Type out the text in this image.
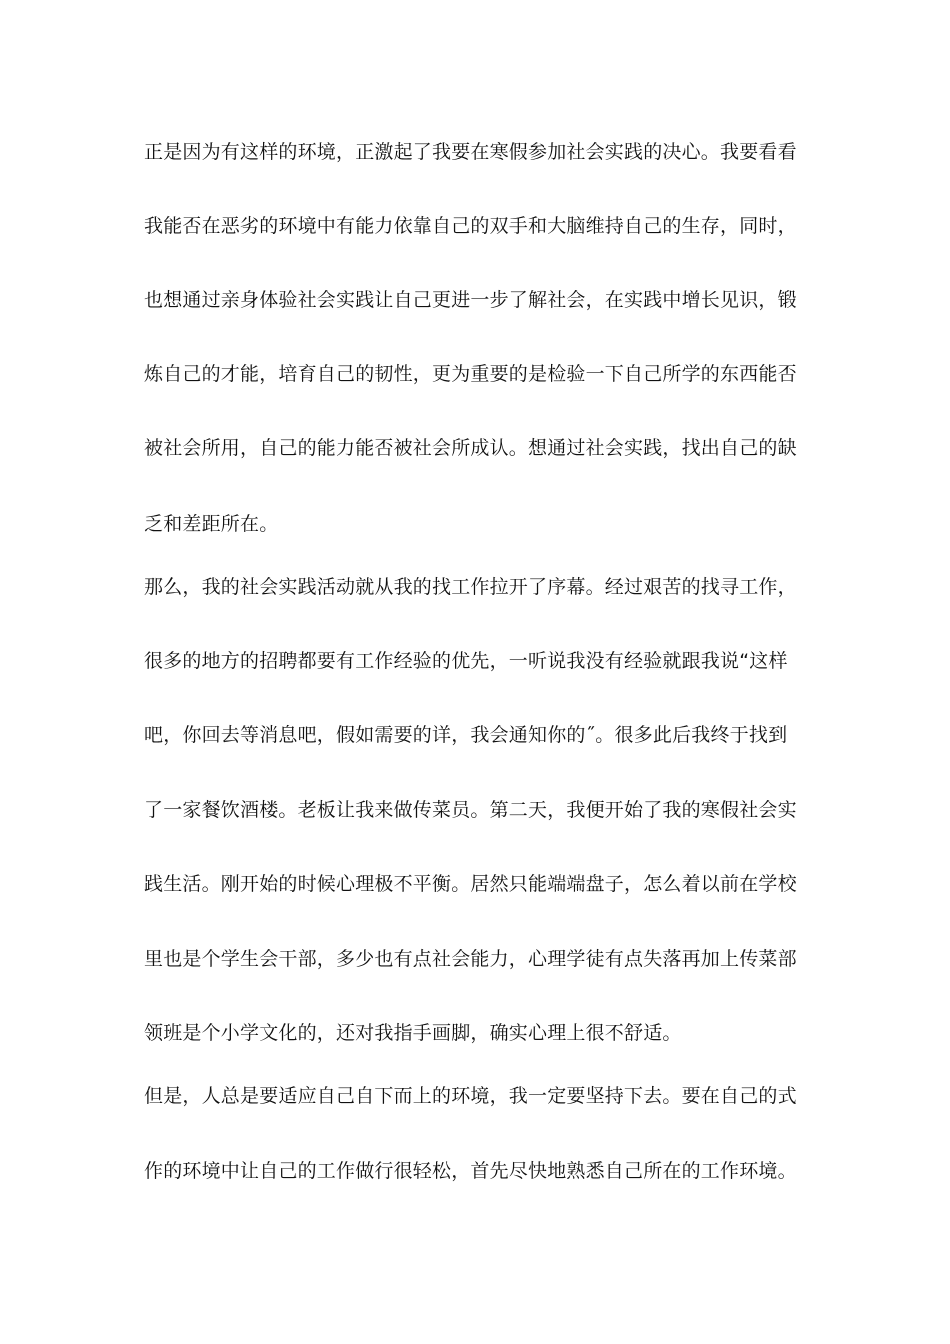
正是因为有这样的环境，正激起了我要在寒假参加社会实践的决心。我要看看
我能否在恶劣的环境中有能力依靠自己的双手和大脑维持自己的生存，同时，
也想通过亲身体验社会实践让自己更进一步了解社会，在实践中增长见识，锻
炼自己的才能，培育自己的韧性，更为重要的是检验一下自己所学的东西能否
被社会所用，自己的能力能否被社会所成认。想通过社会实践，找出自己的缺
乏和差距所在。
那么，我的社会实践活动就从我的找工作拉开了序幕。经过艰苦的找寻工作，
很多的地方的招聘都要有工作经验的优先，一听说我没有经验就跟我说“这样
吧，你回去等消息吧，假如需要的详，我会通知你的˝。很多此后我终于找到
了一家餐饮酒楼。老板让我来做传菜员。第二天，我便开始了我的寒假社会实
践生活。刚开始的时候心理极不平衡。居然只能端端盘子，怎么着以前在学校
里也是个学生会干部，多少也有点社会能力，心理学徒有点失落再加上传菜部
领班是个小学文化的，还对我指手画脚，确实心理上很不舒适。
但是，人总是要适应自己自下而上的环境，我一定要坚持下去。要在自己的式
作的环境中让自己的工作做行很轻松，首先尽快地熟悉自己所在的工作环境。
